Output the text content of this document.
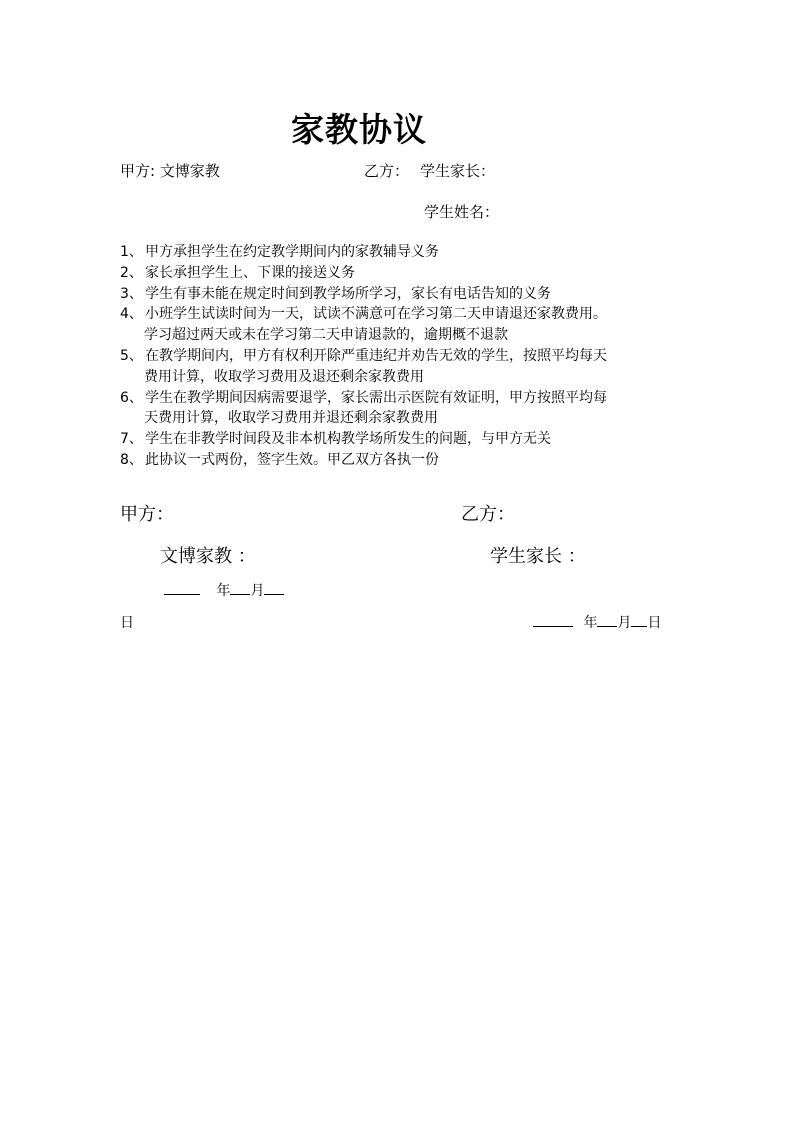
家教协议
甲方: 文博家教	乙方： 学生家长：
学生姓名：
1、 甲方承担学生在约定教学期间内的家教辅导义务
2、 家长承担学生上、下课的接送义务
3、 学生有事未能在规定时间到教学场所学习，家长有电话告知的义务
4、 小班学生试读时间为一天，试读不满意可在学习第二天申请退还家教费用。
学习超过两天或未在学习第二天申请退款的，逾期概不退款
5、 在教学期间内，甲方有权利开除严重违纪并劝告无效的学生，按照平均每天
费用计算，收取学习费用及退还剩余家教费用
6、 学生在教学期间因病需要退学，家长需出示医院有效证明，甲方按照平均每
天费用计算，收取学习费用并退还剩余家教费用
7、 学生在非教学时间段及非本机构教学场所发生的问题，与甲方无关
8、 此协议一式两份，签字生效。甲乙双方各执一份
甲方：	乙方：
文博家教 ：	学生家长 ：
年 月
日	年 月 日
